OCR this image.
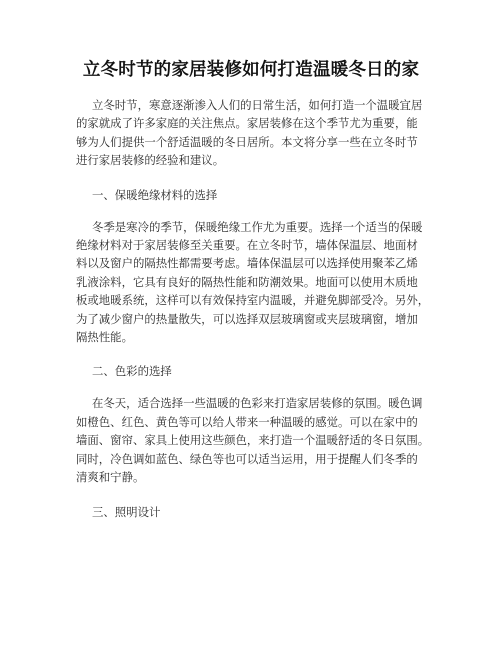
立冬时节的家居装修如何打造温暖冬日的家

立冬时节，寒意逐渐渗入人们的日常生活，如何打造一个温暖宜居
的家就成了许多家庭的关注焦点。家居装修在这个季节尤为重要，能
够为人们提供一个舒适温暖的冬日居所。本文将分享一些在立冬时节
进行家居装修的经验和建议。

一、保暖绝缘材料的选择

冬季是寒冷的季节，保暖绝缘工作尤为重要。选择一个适当的保暖
绝缘材料对于家居装修至关重要。在立冬时节，墙体保温层、地面材
料以及窗户的隔热性都需要考虑。墙体保温层可以选择使用聚苯乙烯
乳液涂料，它具有良好的隔热性能和防潮效果。地面可以使用木质地
板或地暖系统，这样可以有效保持室内温暖，并避免脚部受冷。另外，
为了减少窗户的热量散失，可以选择双层玻璃窗或夹层玻璃窗，增加
隔热性能。

二、色彩的选择

在冬天，适合选择一些温暖的色彩来打造家居装修的氛围。暖色调
如橙色、红色、黄色等可以给人带来一种温暖的感觉。可以在家中的
墙面、窗帘、家具上使用这些颜色，来打造一个温暖舒适的冬日氛围。
同时，冷色调如蓝色、绿色等也可以适当运用，用于提醒人们冬季的
清爽和宁静。

三、照明设计
